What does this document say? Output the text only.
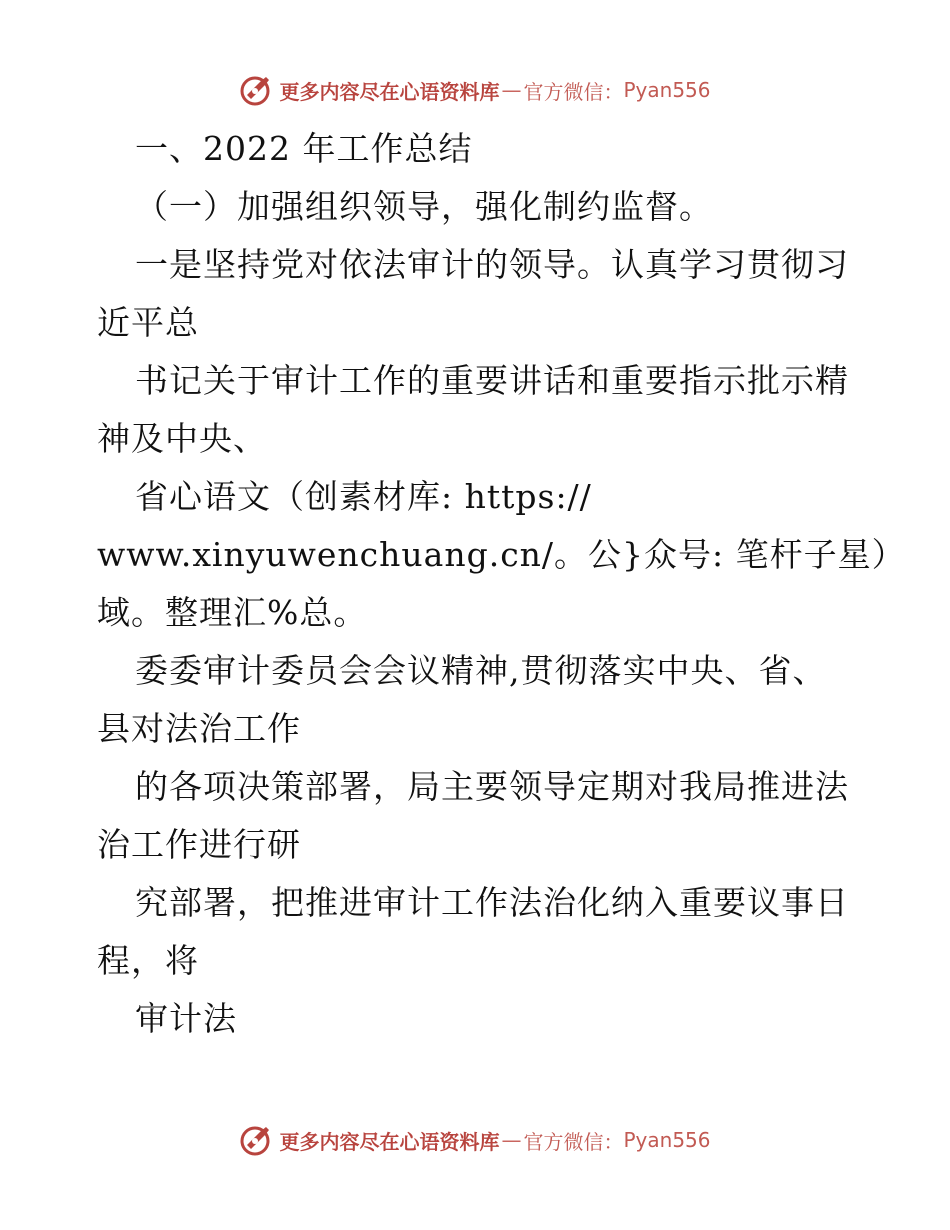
更多内容尽在心语资料库 — 官方微信： Pyan556
一、2022 年工作总结
（一）加强组织领导，强化制约监督。
一是坚持党对依法审计的领导。认真学习贯彻习
近平总
书记关于审计工作的重要讲话和重要指示批示精
神及中央、
省心语文（创素材库: https://
www.xinyuwenchuang.cn/。公}众号: 笔杆子星）
域。整理汇%总。
委委审计委员会会议精神,贯彻落实中央、省、
县对法治工作
的各项决策部署，局主要领导定期对我局推进法
治工作进行研
究部署，把推进审计工作法治化纳入重要议事日
程，将
审计法
更多内容尽在心语资料库 — 官方微信： Pyan556
